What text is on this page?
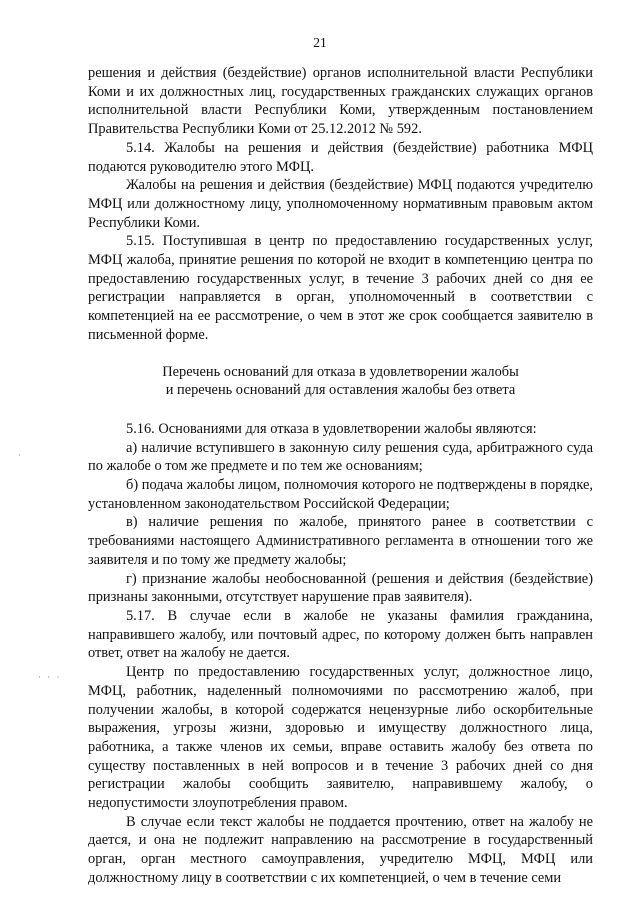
21

решения и действия (бездействие) органов исполнительной власти Республики Коми и их должностных лиц, государственных гражданских служащих органов исполнительной власти Республики Коми, утвержденным постановлением Правительства Республики Коми от 25.12.2012 № 592.

5.14. Жалобы на решения и действия (бездействие) работника МФЦ подаются руководителю этого МФЦ.

Жалобы на решения и действия (бездействие) МФЦ подаются учредителю МФЦ или должностному лицу, уполномоченному нормативным правовым актом Республики Коми.

5.15. Поступившая в центр по предоставлению государственных услуг, МФЦ жалоба, принятие решения по которой не входит в компетенцию центра по предоставлению государственных услуг, в течение 3 рабочих дней со дня ее регистрации направляется в орган, уполномоченный в соответствии с компетенцией на ее рассмотрение, о чем в этот же срок сообщается заявителю в письменной форме.

Перечень оснований для отказа в удовлетворении жалобы
и перечень оснований для оставления жалобы без ответа

5.16. Основаниями для отказа в удовлетворении жалобы являются:

а) наличие вступившего в законную силу решения суда, арбитражного суда по жалобе о том же предмете и по тем же основаниям;

б) подача жалобы лицом, полномочия которого не подтверждены в порядке, установленном законодательством Российской Федерации;

в) наличие решения по жалобе, принятого ранее в соответствии с требованиями настоящего Административного регламента в отношении того же заявителя и по тому же предмету жалобы;

г) признание жалобы необоснованной (решения и действия (бездействие) признаны законными, отсутствует нарушение прав заявителя).

5.17. В случае если в жалобе не указаны фамилия гражданина, направившего жалобу, или почтовый адрес, по которому должен быть направлен ответ, ответ на жалобу не дается.

Центр по предоставлению государственных услуг, должностное лицо, МФЦ, работник, наделенный полномочиями по рассмотрению жалоб, при получении жалобы, в которой содержатся нецензурные либо оскорбительные выражения, угрозы жизни, здоровью и имуществу должностного лица, работника, а также членов их семьи, вправе оставить жалобу без ответа по существу поставленных в ней вопросов и в течение 3 рабочих дней со дня регистрации жалобы сообщить заявителю, направившему жалобу, о недопустимости злоупотребления правом.

В случае если текст жалобы не поддается прочтению, ответ на жалобу не дается, и она не подлежит направлению на рассмотрение в государственный орган, орган местного самоуправления, учредителю МФЦ, МФЦ или должностному лицу в соответствии с их компетенцией, о чем в течение семи

·
· · ·
